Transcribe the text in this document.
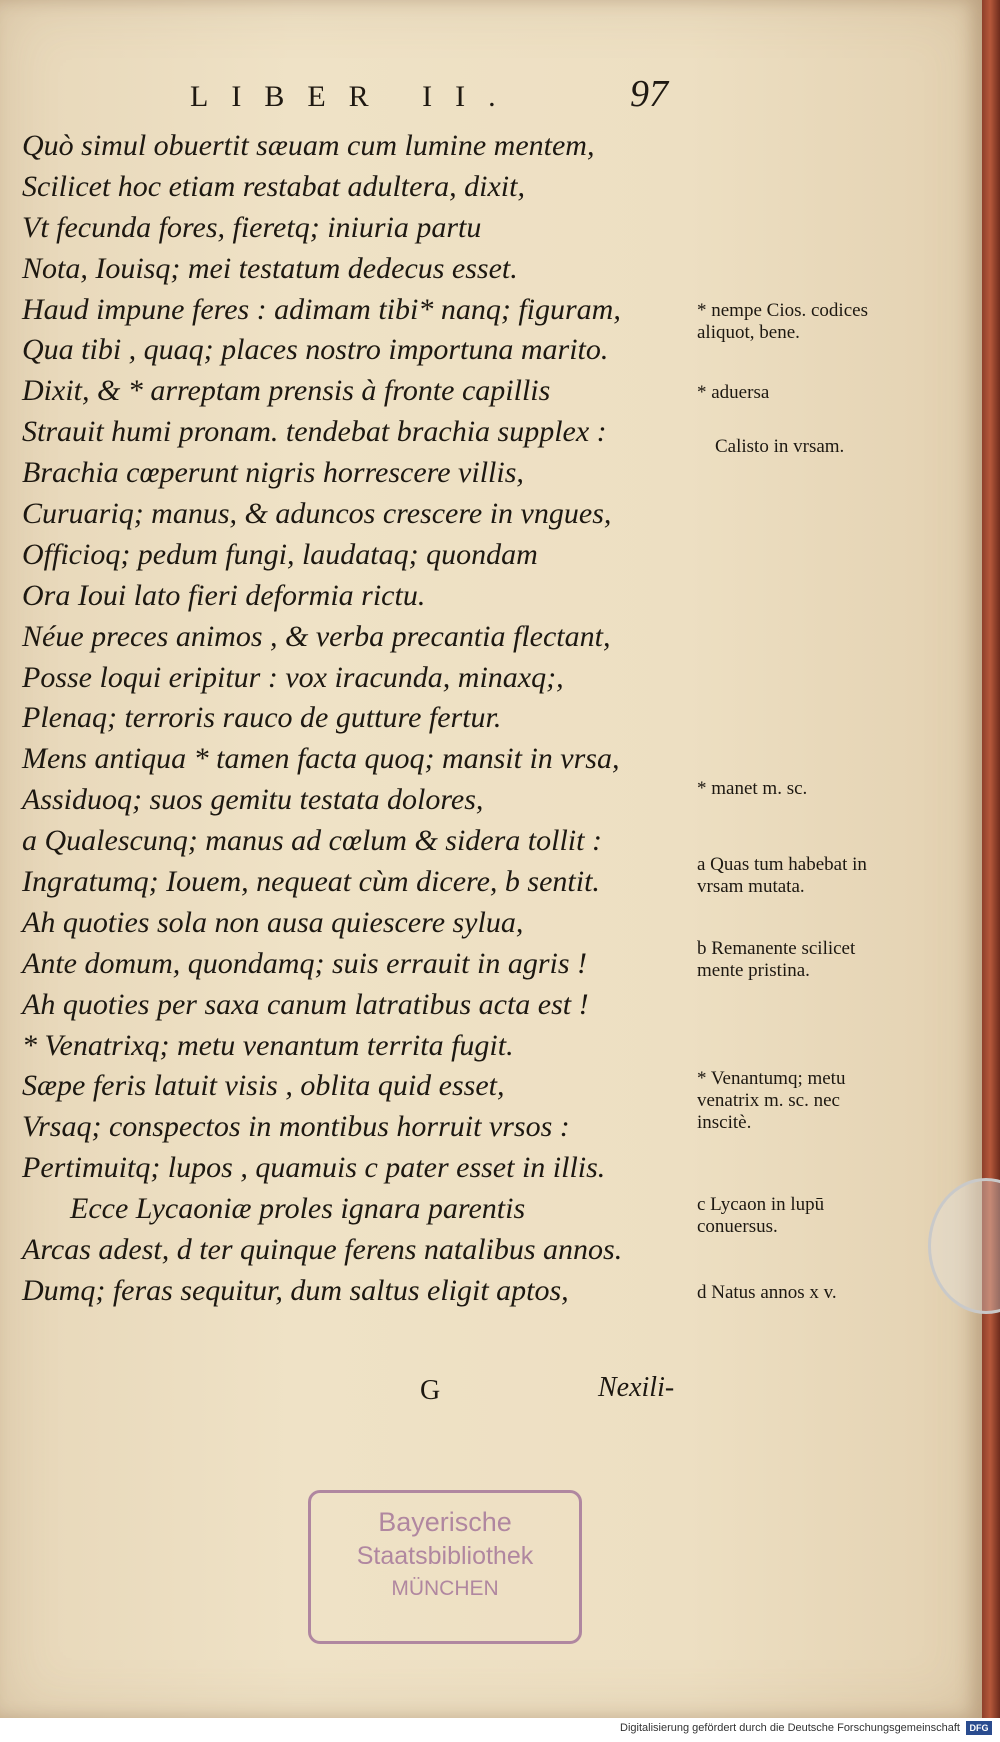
LIBER II.	97
Quò simul obuertit sæuam cum lumine mentem,
Scilicet hoc etiam restabat adultera, dixit,
Vt fecunda fores, fieretq; iniuria partu
Nota, Iouisq; mei testatum dedecus esset.
Haud impune feres : adimam tibi* nanq; figuram,
Qua tibi , quaq; places nostro importuna marito.
Dixit, & * arreptam prensis à fronte capillis
Strauit humi pronam. tendebat brachia supplex :
Brachia cœperunt nigris horrescere villis,
Curuariq; manus, & aduncos crescere in vngues,
Officioq; pedum fungi, laudataq; quondam
Ora Ioui lato fieri deformia rictu.
Néue preces animos , & verba precantia flectant,
Posse loqui eripitur : vox iracunda, minaxq;,
Plenaq; terroris rauco de gutture fertur.
Mens antiqua * tamen facta quoq; mansit in vrsa,
Assiduoq; suos gemitu testata dolores,
a Qualescunq; manus ad cœlum & sidera tollit :
Ingratumq; Iouem, nequeat cùm dicere, b sentit.
Ah quoties sola non ausa quiescere sylua,
Ante domum, quondamq; suis errauit in agris !
Ah quoties per saxa canum latratibus acta est !
* Venatrixq; metu venantum territa fugit.
Sæpe feris latuit visis , oblita quid esset,
Vrsaq; conspectos in montibus horruit vrsos :
Pertimuitq; lupos , quamuis c pater esset in illis.
Ecce Lycaoniæ proles ignara parentis
Arcas adest, d ter quinque ferens natalibus annos.
Dumq; feras sequitur, dum saltus eligit aptos,
* nempe Cios. codices aliquot, bene.
* aduersa
Calisto in vrsam.
* manet m. sc.
a Quas tum habebat in vrsam mutata.
b Remanente scilicet mente pristina.
* Venantumq; metu venatrix m. sc. nec inscitè.
c Lycaon in lupū conuersus.
d Natus annos x v.
G	Nexili-
Bayerische
Staatsbibliothek
MÜNCHEN
Digitalisierung gefördert durch die Deutsche Forschungsgemeinschaft	DFG
